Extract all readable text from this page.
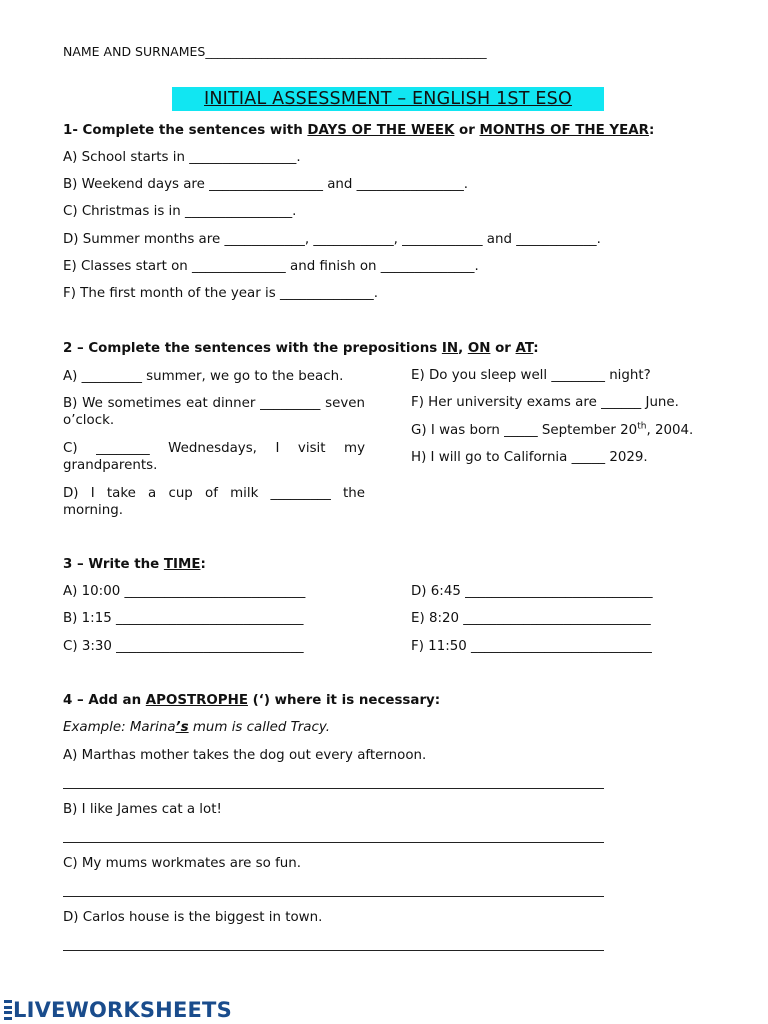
NAME AND SURNAMES_____________________________________________
INITIAL ASSESSMENT – ENGLISH 1ST ESO
1- Complete the sentences with DAYS OF THE WEEK or MONTHS OF THE YEAR:
A) School starts in ________________.
B) Weekend days are _________________ and ________________.
C) Christmas is in ________________.
D) Summer months are ____________, ____________, ____________ and ____________.
E) Classes start on ______________ and finish on ______________.
F) The first month of the year is ______________.
2 – Complete the sentences with the prepositions IN, ON or AT:
A) _________ summer, we go to the beach.
B) We sometimes eat dinner _________ seven o’clock.
C) ________ Wednesdays, I visit my grandparents.
D) I take a cup of milk _________ the morning.
E) Do you sleep well ________ night?
F) Her university exams are ______ June.
G) I was born _____ September 20th, 2004.
H) I will go to California _____ 2029.
3 – Write the TIME:
A) 10:00 ___________________________
B) 1:15 ____________________________
C) 3:30 ____________________________
D) 6:45 ____________________________
E) 8:20 ____________________________
F) 11:50 ___________________________
4 – Add an APOSTROPHE (‘) where it is necessary:
Example: Marina’s mum is called Tracy.
A) Marthas mother takes the dog out every afternoon.
B) I like James cat a lot!
C) My mums workmates are so fun.
D) Carlos house is the biggest in town.
LIVEWORKSHEETS
